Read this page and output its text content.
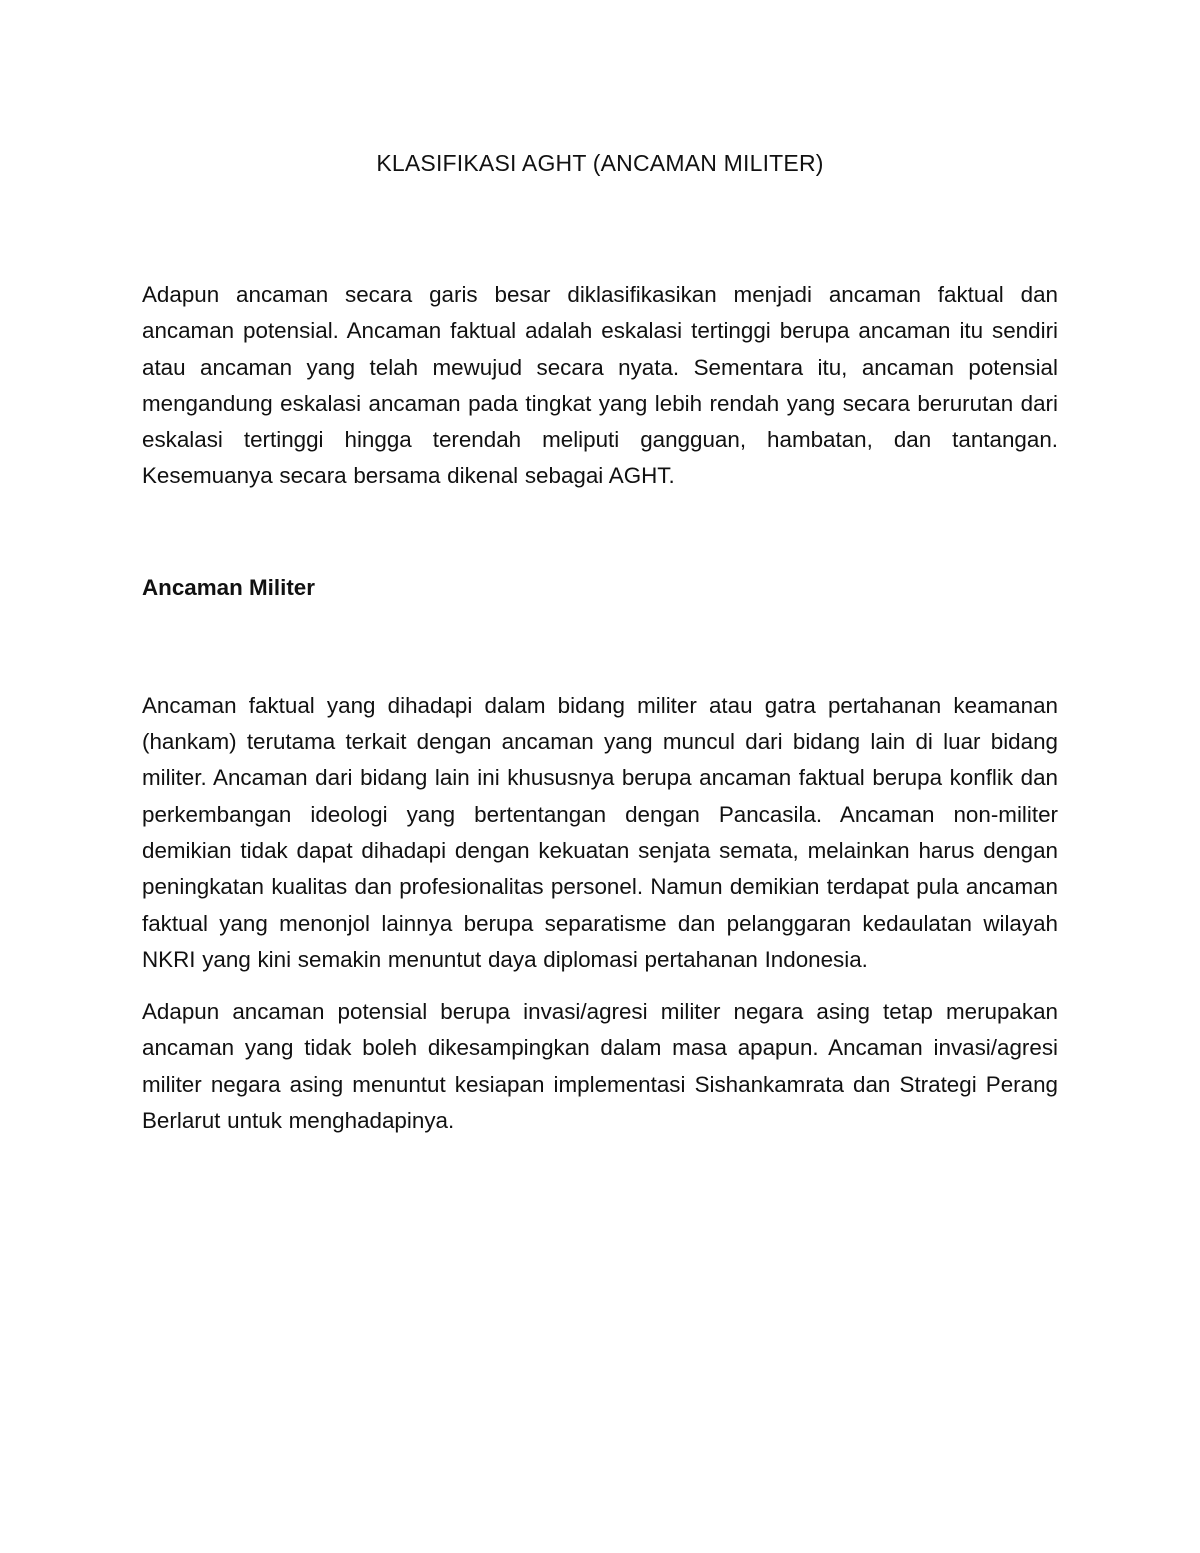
KLASIFIKASI AGHT (ANCAMAN MILITER)

Adapun ancaman secara garis besar diklasifikasikan menjadi ancaman faktual dan ancaman potensial. Ancaman faktual adalah eskalasi tertinggi berupa ancaman itu sendiri atau ancaman yang telah mewujud secara nyata. Sementara itu, ancaman potensial mengandung eskalasi ancaman pada tingkat yang lebih rendah yang secara berurutan dari eskalasi tertinggi hingga terendah meliputi gangguan, hambatan, dan tantangan. Kesemuanya secara bersama dikenal sebagai AGHT.

Ancaman Militer

Ancaman faktual yang dihadapi dalam bidang militer atau gatra pertahanan keamanan (hankam) terutama terkait dengan ancaman yang muncul dari bidang lain di luar bidang militer. Ancaman dari bidang lain ini khususnya berupa ancaman faktual berupa konflik dan perkembangan ideologi yang bertentangan dengan Pancasila. Ancaman non-militer demikian tidak dapat dihadapi dengan kekuatan senjata semata, melainkan harus dengan peningkatan kualitas dan profesionalitas personel. Namun demikian terdapat pula ancaman faktual yang menonjol lainnya berupa separatisme dan pelanggaran kedaulatan wilayah NKRI yang kini semakin menuntut daya diplomasi pertahanan Indonesia.

Adapun ancaman potensial berupa invasi/agresi militer negara asing tetap merupakan ancaman yang tidak boleh dikesampingkan dalam masa apapun. Ancaman invasi/agresi militer negara asing menuntut kesiapan implementasi Sishankamrata dan Strategi Perang Berlarut untuk menghadapinya.
